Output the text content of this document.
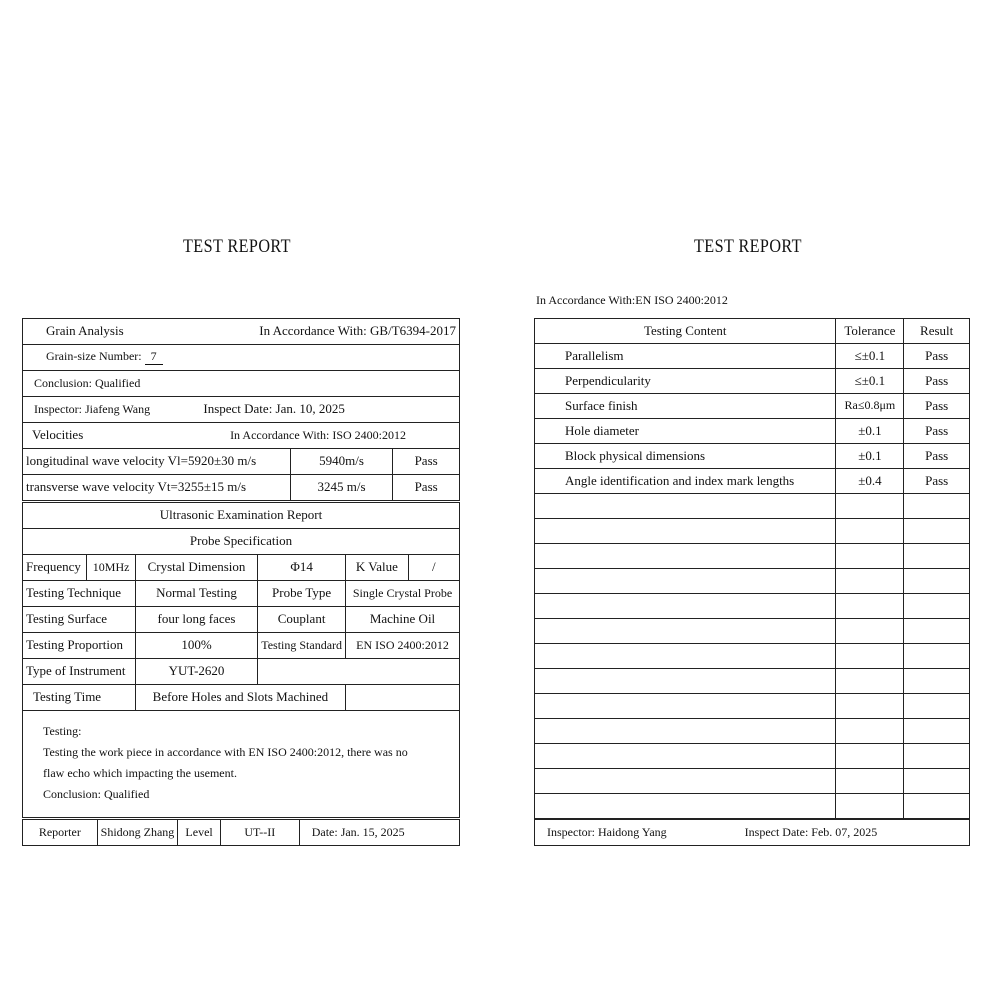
TEST REPORT
Grain Analysis In Accordance With: GB/T6394-2017		

Grain-size Number: 7		
Conclusion: Qualified		
Inspector: Jiafeng Wang Inspect Date: Jan. 10, 2025		

Velocities In Accordance With: ISO 2400:2012		

longitudinal wave velocity Vl=5920±30 m/s	5940m/s	Pass
transverse wave velocity Vt=3255±15 m/s	3245 m/s	Pass
Ultrasonic Examination Report					
Probe Specification					
Frequency	10MHz	Crystal Dimension	Φ14	K Value	/
Testing Technique		Normal Testing	Probe Type	Single Crystal Probe	
Testing Surface		four long faces	Couplant	Machine Oil	
Testing Proportion		100%	Testing Standard	EN ISO 2400:2012	
Type of Instrument		YUT-2620			
Testing Time		Before Holes and Slots Machined			

Testing:
Testing the work piece in accordance with EN ISO 2400:2012, there was no
flaw echo which impacting the usement.
Conclusion: Qualified					
Reporter	Shidong Zhang	Level	UT--II	Date: Jan. 15, 2025
TEST REPORT
In Accordance With:EN ISO 2400:2012
Testing Content	Tolerance	Result
Parallelism	≤±0.1	Pass
Perpendicularity	≤±0.1	Pass
Surface finish	Ra≤0.8μm	Pass
Hole diameter	±0.1	Pass
Block physical dimensions	±0.1	Pass
Angle identification and index mark lengths	±0.4	Pass

Inspector: Haidong Yang	Inspect Date: Feb. 07, 2025
